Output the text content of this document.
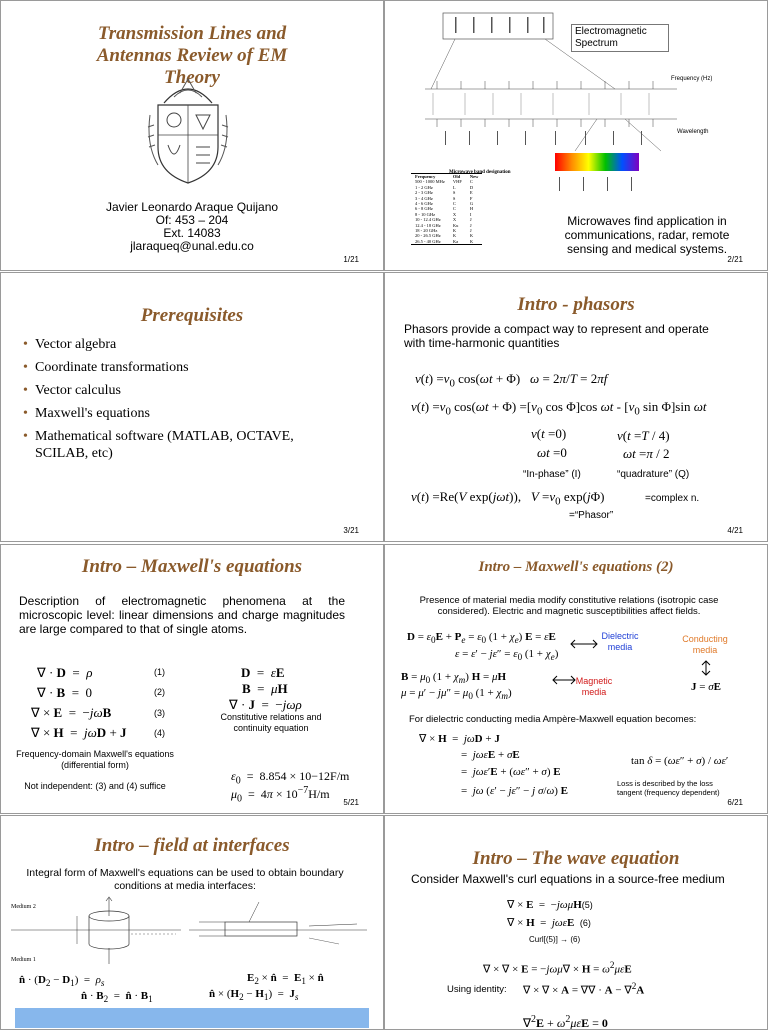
Transmission Lines and Antennas Review of EM Theory
Javier Leonardo Araque Quijano
Of: 453 – 204
Ext. 14083
jlaraqueq@unal.edu.co
1/21
Electromagnetic Spectrum
Frequency (Hz)
Wavelength
Microwave band designation
Frequency	Old	New
500 - 1000 MHz	VHF	C
1 - 2 GHz	L	D
2 - 3 GHz	S	E
3 - 4 GHz	S	F
4 - 6 GHz	C	G
6 - 8 GHz	C	H
8 - 10 GHz	X	I
10 - 12.4 GHz	X	J
12.4 - 18 GHz	Ku	J
18 - 20 GHz	K	J
20 - 26.5 GHz	K	K
26.5 - 40 GHz	Ka	K
Microwaves find application in communications, radar, remote sensing and medical systems.
2/21
Prerequisites
• Vector algebra
• Coordinate transformations
• Vector calculus
• Maxwell's equations
• Mathematical software (MATLAB, OCTAVE, SCILAB, etc)
3/21
Intro - phasors
Phasors provide a compact way to represent and operate with time-harmonic quantities
$v(t) =v_0$ cos(ωt + Φ)   ω = 2π/T = 2πf
$v(t) =v_0$ $\cos(\omega t + \Phi) =[v_0$ cos Φ]cos ωt - [$v_0$ sin Φ]sin ωt
v(t =0)	v(t =T / 4)
ωt =0	ωt =π / 2
“In-phase” (I)	“quadrature” (Q)
v(t) =Re(V exp(jωt)),   $V =v_0$ exp(jΦ)	=complex n.
=“Phasor”
4/21
Intro – Maxwell's equations
Description of electromagnetic phenomena at the microscopic level: linear dimensions and charge magnitudes are large compared to that of single atoms.
∇ · D  =  ρ
∇ · B  =  0
∇ × E  =  −jωB
∇ × H  =  jωD + J
(1)
(2)
(3)
(4)
D  =  εE
B  =  μH
∇ · J  =  −jωρ
Constitutive relations and continuity equation
Frequency-domain Maxwell's equations (differential form)
Not independent: (3) and (4) suffice
$\varepsilon_0 = 8.854 \times 10-12F/m$
$\mu_0 = 4\pi \times 10^{-7}H/m$
5/21
Intro – Maxwell's equations (2)
Presence of material media modify constitutive relations (isotropic case considered). Electric and magnetic susceptibilities affect fields.
$D = \varepsilon_0E + P_e = \varepsilon_0$ $(1 + \chi_e)$ E = εE
$\varepsilon = \varepsilon' - j\varepsilon'' = \varepsilon_0$ $(1 + \chi_e)$
Dielectric media
Conducting media
J = σE
$B = \mu_0$ $(1 + \chi_m)$ H = μH
$\mu = \mu' - j\mu'' = \mu_0$ $(1 + \chi_m)$
Magnetic media
For dielectric conducting media Ampère-Maxwell equation becomes:
∇ × H  =  jωD + J
=  jωεE + σE
=  jωε′E + (ωε″ + σ) E
=  jω (ε′ − jε″ − j σ/ω) E
tan δ = (ωε″ + σ) / ωε′
Loss is described by the loss tangent (frequency dependent)
6/21
Intro – field at interfaces
Integral form of Maxwell's equations can be used to obtain boundary conditions at media interfaces:
Medium 2
Medium 1
n̂ · $(D_2 - D_1) = \rho_s$
n̂ · $B_2$  =  n̂ · $B_1$
$E_2$ × n̂  =  $E_1$ × n̂
n̂ × $(H_2 - H_1) = J_s$
Intro – The wave equation
Consider Maxwell's curl equations in a source-free medium
∇ × E  =  −jωμH(5)
∇ × H  =  jωεE (6)
Curl[(5)] → (6)
∇ × ∇ × $E = -j\omega\mu\nabla \times H = \omega^2\mu\varepsilon E$
Using identity: ∇ × ∇ × A = ∇∇ · A − ∇$^2$A
$\nabla^2E + \omega^2\mu\varepsilon E = 0$
